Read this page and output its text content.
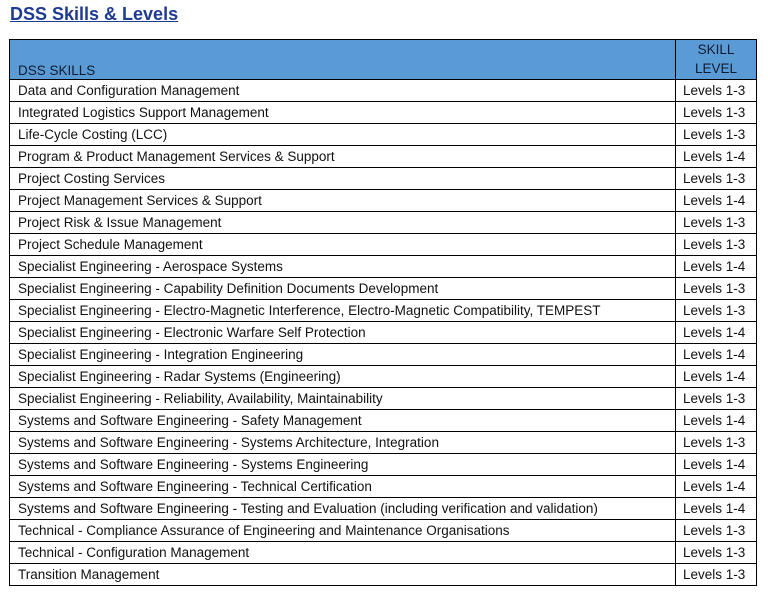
DSS Skills & Levels
DSS SKILLS	SKILL
LEVEL
Data and Configuration Management	Levels 1-3
Integrated Logistics Support Management	Levels 1-3
Life-Cycle Costing (LCC)	Levels 1-3
Program & Product Management Services & Support	Levels 1-4
Project Costing Services	Levels 1-3
Project Management Services & Support	Levels 1-4
Project Risk & Issue Management	Levels 1-3
Project Schedule Management	Levels 1-3
Specialist Engineering - Aerospace Systems	Levels 1-4
Specialist Engineering - Capability Definition Documents Development	Levels 1-3
Specialist Engineering - Electro-Magnetic Interference, Electro-Magnetic Compatibility, TEMPEST	Levels 1-3
Specialist Engineering - Electronic Warfare Self Protection	Levels 1-4
Specialist Engineering - Integration Engineering	Levels 1-4
Specialist Engineering - Radar Systems (Engineering)	Levels 1-4
Specialist Engineering - Reliability, Availability, Maintainability	Levels 1-3
Systems and Software Engineering - Safety Management	Levels 1-4
Systems and Software Engineering - Systems Architecture, Integration	Levels 1-3
Systems and Software Engineering - Systems Engineering	Levels 1-4
Systems and Software Engineering - Technical Certification	Levels 1-4
Systems and Software Engineering - Testing and Evaluation (including verification and validation)	Levels 1-4
Technical - Compliance Assurance of Engineering and Maintenance Organisations	Levels 1-3
Technical - Configuration Management	Levels 1-3
Transition Management	Levels 1-3
